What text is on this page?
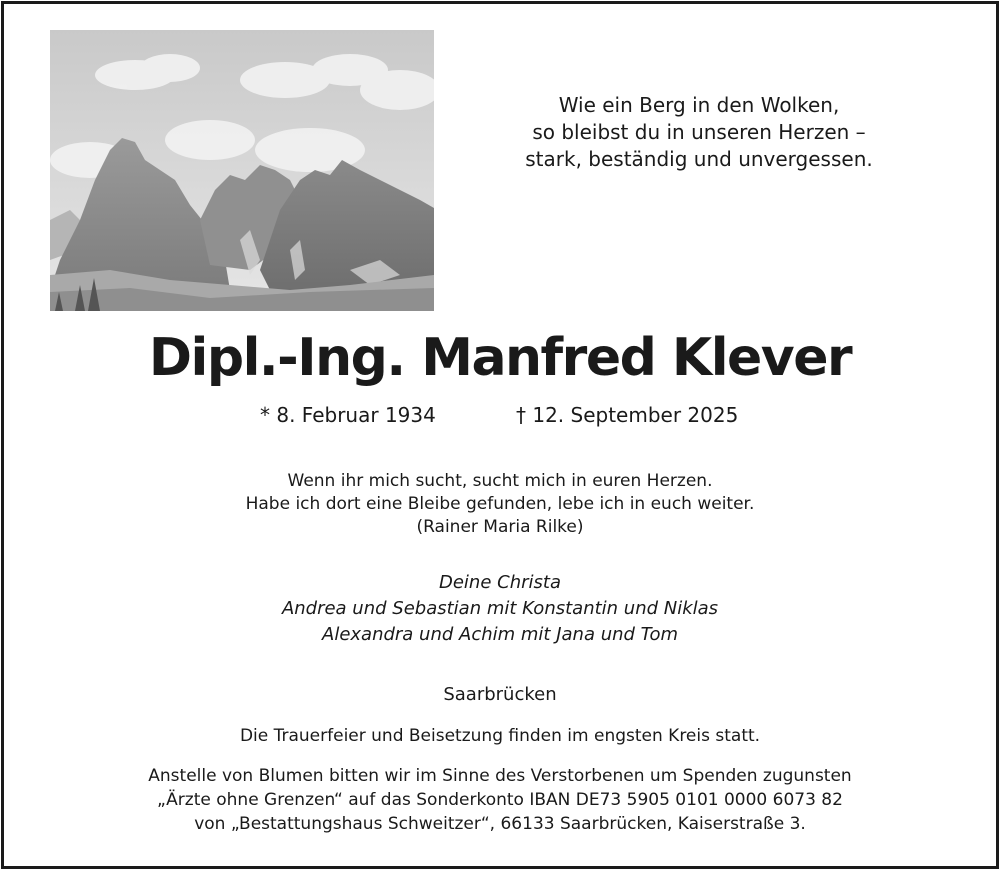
Wie ein Berg in den Wolken,
so bleibst du in unseren Herzen –
stark, beständig und unvergessen.
Dipl.-Ing. Manfred Klever
* 8. Februar 1934	† 12. September 2025
Wenn ihr mich sucht, sucht mich in euren Herzen.
Habe ich dort eine Bleibe gefunden, lebe ich in euch weiter.
(Rainer Maria Rilke)
Deine Christa
Andrea und Sebastian mit Konstantin und Niklas
Alexandra und Achim mit Jana und Tom
Saarbrücken
Die Trauerfeier und Beisetzung finden im engsten Kreis statt.
Anstelle von Blumen bitten wir im Sinne des Verstorbenen um Spenden zugunsten
„Ärzte ohne Grenzen“ auf das Sonderkonto IBAN DE73 5905 0101 0000 6073 82
von „Bestattungshaus Schweitzer“, 66133 Saarbrücken, Kaiserstraße 3.
